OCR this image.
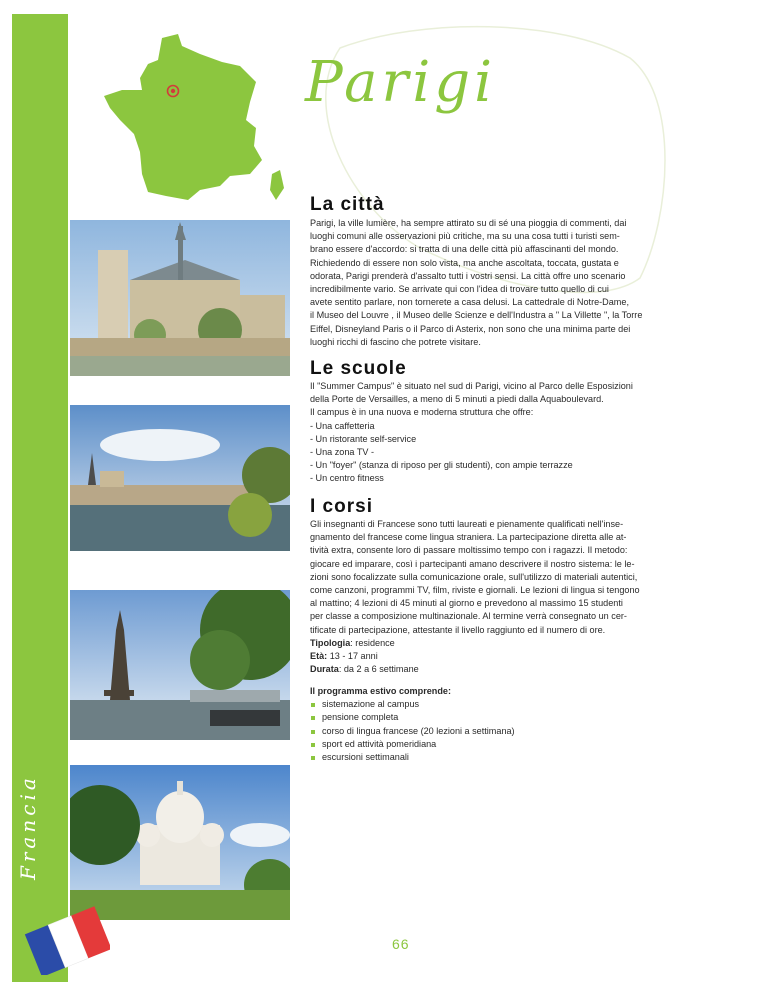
Francia
Parigi
La città
Parigi, la ville lumière, ha sempre attirato su di sé una pioggia di commenti, dai
luoghi comuni alle osservazioni più critiche, ma su una cosa tutti i turisti sem-
brano essere d'accordo: si tratta di una delle città più affascinanti del mondo.
Richiedendo di essere non solo vista, ma anche ascoltata, toccata, gustata e
odorata, Parigi prenderà d'assalto tutti i vostri sensi. La città offre uno scenario
incredibilmente vario. Se arrivate qui con l'idea di trovare tutto quello di cui
avete sentito parlare, non tornerete a casa delusi. La cattedrale di Notre-Dame,
il Museo del Louvre , il Museo delle Scienze e dell'Industra a " La Villette ", la Torre
Eiffel, Disneyland Paris o il Parco di Asterix, non sono che una minima parte dei
luoghi ricchi di fascino che potrete visitare.
Le scuole
Il "Summer Campus" è situato nel sud di Parigi, vicino al Parco delle Esposizioni
della Porte de Versailles, a meno di 5 minuti a piedi dalla Aquaboulevard.
Il campus è in una nuova e moderna struttura che offre:
- Una caffetteria
- Un ristorante self-service
- Una zona TV -
- Un "foyer" (stanza di riposo per gli studenti), con ampie terrazze
- Un centro fitness
I corsi
Gli insegnanti di Francese sono tutti laureati e pienamente qualificati nell'inse-
gnamento del francese come lingua straniera. La partecipazione diretta alle at-
tività extra, consente loro di passare moltissimo tempo con i ragazzi. Il metodo:
giocare ed imparare, così i partecipanti amano descrivere il nostro sistema: le le-
zioni sono focalizzate sulla comunicazione orale, sull'utilizzo di materiali autentici,
come canzoni, programmi TV, film, riviste e giornali. Le lezioni di lingua si tengono
al mattino; 4 lezioni di 45 minuti al giorno e prevedono al massimo 15 studenti
per classe a composizione multinazionale. Al termine verrà consegnato un cer-
tificate di partecipazione, attestante il livello raggiunto ed il numero di ore.
Tipologia: residence
Età: 13 - 17 anni
Durata: da 2 a 6 settimane
Il programma estivo comprende:
sistemazione al campus
pensione completa
corso di lingua francese (20 lezioni a settimana)
sport ed attività pomeridiana
escursioni settimanali
66
